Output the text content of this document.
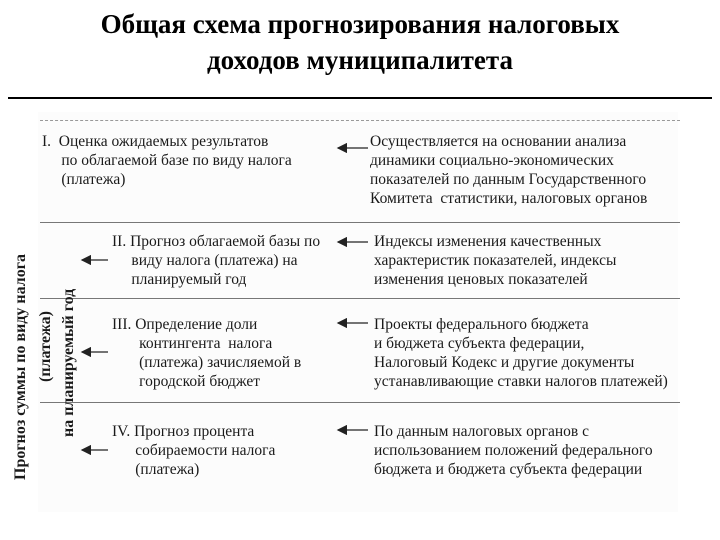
Общая схема прогнозирования налоговых
доходов муниципалитета
Прогноз суммы по виду налога (платежа) на планируемый год
I.  Оценка ожидаемых результатов
по облагаемой базе по виду налога
(платежа)
II. Прогноз облагаемой базы по
виду налога (платежа) на
планируемый год
III. Определение доли
контингента  налога
(платежа) зачисляемой в
городской бюджет
IV. Прогноз процента
собираемости налога
(платежа)
Осуществляется на основании анализа
динамики социально-экономических
показателей по данным Государственного
Комитета  статистики, налоговых органов
Индексы изменения качественных
характеристик показателей, индексы
изменения ценовых показателей
Проекты федерального бюджета
и бюджета субъекта федерации,
Налоговый Кодекс и другие документы
устанавливающие ставки налогов платежей)
По данным налоговых органов с
использованием положений федерального
бюджета и бюджета субъекта федерации
